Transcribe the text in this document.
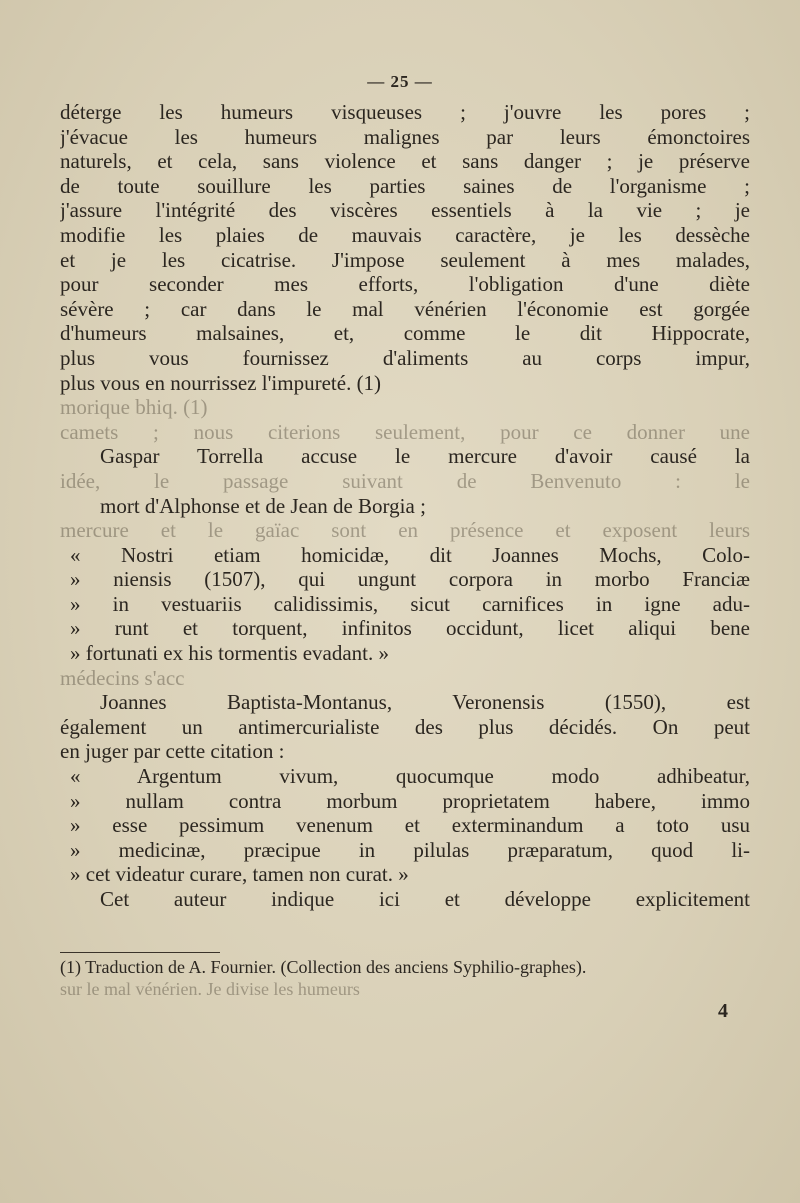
— 25 —
déterge les humeurs visqueuses ; j'ouvre les pores ;
j'évacue les humeurs malignes par leurs émonctoires
naturels, et cela, sans violence et sans danger ; je préserve
de toute souillure les parties saines de l'organisme ;
j'assure l'intégrité des viscères essentiels à la vie ; je
modifie les plaies de mauvais caractère, je les dessèche
et je les cicatrise. J'impose seulement à mes malades,
pour seconder mes efforts, l'obligation d'une diète
sévère ; car dans le mal vénérien l'économie est gorgée
d'humeurs malsaines, et, comme le dit Hippocrate,
plus vous fournissez d'aliments au corps impur,
plus vous en nourrissez l'impureté. (1)
morique bhiq. (1)
camets ; nous citerions seulement, pour ce donner une
Gaspar Torrella accuse le mercure d'avoir causé la
idée, le passage suivant de Benvenuto : le
mort d'Alphonse et de Jean de Borgia ;
mercure et le gaïac sont en présence et exposent leurs
« Nostri etiam homicidæ, dit Joannes Mochs, Colo-
» niensis (1507), qui ungunt corpora in morbo Franciæ
» in vestuariis calidissimis, sicut carnifices in igne adu-
» runt et torquent, infinitos occidunt, licet aliqui bene
» fortunati ex his tormentis evadant. »
médecins s'acc
Joannes Baptista-Montanus, Veronensis (1550), est
également un antimercurialiste des plus décidés. On peut
en juger par cette citation :
« Argentum vivum, quocumque modo adhibeatur,
» nullam contra morbum proprietatem habere, immo
» esse pessimum venenum et exterminandum a toto usu
» medicinæ, præcipue in pilulas præparatum, quod li-
» cet videatur curare, tamen non curat. »
Cet auteur indique ici et développe explicitement
(1) Traduction de A. Fournier. (Collection des anciens Syphilio-graphes).
sur le mal vénérien. Je divise les humeurs
4
